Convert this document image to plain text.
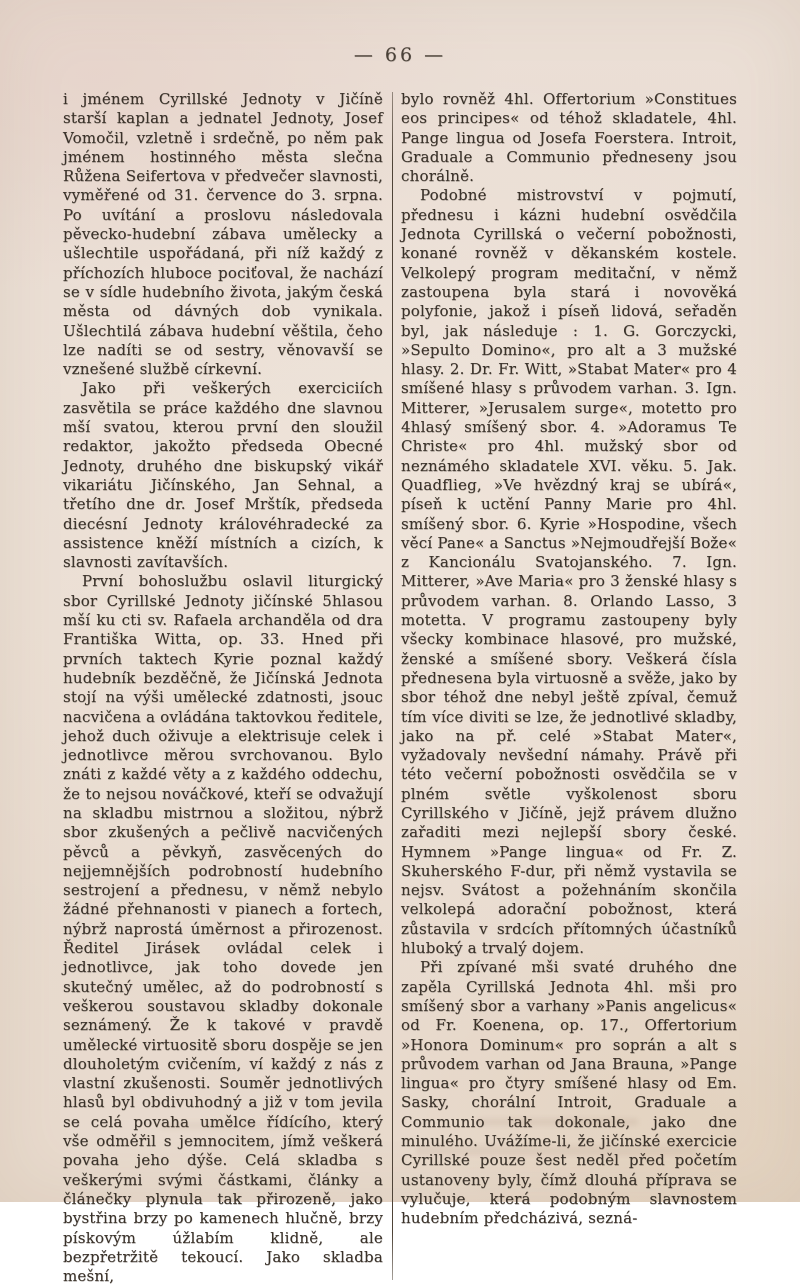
— 66 —

i jménem Cyrillské Jednoty v Jičíně starší kaplan a jednatel Jednoty, Josef Vomočil, vzletně i srdečně, po něm pak jménem hostinného města slečna Růžena Seifertova v předvečer slavnosti, vyměřené od 31. července do 3. srpna. Po uvítání a proslovu následovala pěvecko-hudební zábava umělecky a ušlechtile uspořádaná, při níž každý z příchozích hluboce pociťoval, že nachází se v sídle hudebního života, jakým česká města od dávných dob vynikala. Ušlechtilá zábava hudební věštila, čeho lze nadíti se od sestry, věnovavší se vznešené službě církevní.

Jako při veškerých exerciciích zasvětila se práce každého dne slavnou mší svatou, kterou první den sloužil redaktor, jakožto předseda Obecné Jednoty, druhého dne biskupský vikář vikariátu Jičínského, Jan Sehnal, a třetího dne dr. Josef Mrštík, předseda diecésní Jednoty královéhradecké za assistence kněží místních a cizích, k slavnosti zavítavších.

První bohoslužbu oslavil liturgický sbor Cyrillské Jednoty jičínské 5hlasou mší ku cti sv. Rafaela archanděla od dra Františka Witta, op. 33. Hned při prvních taktech Kyrie poznal každý hudebník bezděčně, že Jičínská Jednota stojí na výši umělecké zdatnosti, jsouc nacvičena a ovládána taktovkou ředitele, jehož duch oživuje a elektrisuje celek i jednotlivce měrou svrchovanou. Bylo znáti z každé věty a z každého oddechu, že to nejsou nováčkové, kteří se odvažují na skladbu mistrnou a složitou, nýbrž sbor zkušených a pečlivě nacvičených pěvců a pěvkyň, zasvěcených do nejjemnějších podrobností hudebního sestrojení a přednesu, v němž nebylo žádné přehnanosti v pianech a fortech, nýbrž naprostá úměrnost a přirozenost. Ředitel Jirásek ovládal celek i jednotlivce, jak toho dovede jen skutečný umělec, až do podrobností s veškerou soustavou skladby dokonale seznámený. Že k takové v pravdě umělecké virtuositě sboru dospěje se jen dlouholetým cvičením, ví každý z nás z vlastní zkušenosti. Souměr jednotlivých hlasů byl obdivuhodný a již v tom jevila se celá povaha umělce řídícího, který vše odměřil s jemnocitem, jímž veškerá povaha jeho dýše. Celá skladba s veškerými svými částkami, články a článečky plynula tak přirozeně, jako bystřina brzy po kamenech hlučně, brzy pískovým úžlabím klidně, ale bezpřetržitě tekoucí. Jako skladba mešní,

bylo rovněž 4hl. Offertorium »Constitues eos principes« od téhož skladatele, 4hl. Pange lingua od Josefa Foerstera. Introit, Graduale a Communio předneseny jsou chorálně.

Podobné mistrovství v pojmutí, přednesu i kázni hudební osvědčila Jednota Cyrillská o večerní pobožnosti, konané rovněž v děkanském kostele. Velkolepý program meditační, v němž zastoupena byla stará i novověká polyfonie, jakož i píseň lidová, seřaděn byl, jak následuje : 1. G. Gorczycki, »Sepulto Domino«, pro alt a 3 mužské hlasy. 2. Dr. Fr. Witt, »Stabat Mater« pro 4 smíšené hlasy s průvodem varhan. 3. Ign. Mitterer, »Jerusalem surge«, motetto pro 4hlasý smíšený sbor. 4. »Adoramus Te Christe« pro 4hl. mužský sbor od neznámého skladatele XVI. věku. 5. Jak. Quadflieg, »Ve hvězdný kraj se ubírá«, píseň k uctění Panny Marie pro 4hl. smíšený sbor. 6. Kyrie »Hospodine, všech věcí Pane« a Sanctus »Nejmoudřejší Bože« z Kancionálu Svatojanského. 7. Ign. Mitterer, »Ave Maria« pro 3 ženské hlasy s průvodem varhan. 8. Orlando Lasso, 3 motetta. V programu zastoupeny byly všecky kombinace hlasové, pro mužské, ženské a smíšené sbory. Veškerá čísla přednesena byla virtuosně a svěže, jako by sbor téhož dne nebyl ještě zpíval, čemuž tím více diviti se lze, že jednotlivé skladby, jako na př. celé »Stabat Mater«, vyžadovaly nevšední námahy. Právě při této večerní pobožnosti osvědčila se v plném světle vyškolenost sboru Cyrillského v Jičíně, jejž právem dlužno zařaditi mezi nejlepší sbory české. Hymnem »Pange lingua« od Fr. Z. Skuherského F-dur, při němž vystavila se nejsv. Svátost a požehnáním skončila velkolepá adorační pobožnost, která zůstavila v srdcích přítomných účastníků hluboký a trvalý dojem.

Při zpívané mši svaté druhého dne zapěla Cyrillská Jednota 4hl. mši pro smíšený sbor a varhany »Panis angelicus« od Fr. Koenena, op. 17., Offertorium »Honora Dominum« pro soprán a alt s průvodem varhan od Jana Brauna, »Pange lingua« pro čtyry smíšené hlasy od Em. Sasky, chorální Introit, Graduale a Communio tak dokonale, jako dne minulého. Uvážíme-li, že jičínské exercicie Cyrillské pouze šest neděl před početím ustanoveny byly, čímž dlouhá příprava se vylučuje, která podobným slavnostem hudebním předcházivá, sezná-
